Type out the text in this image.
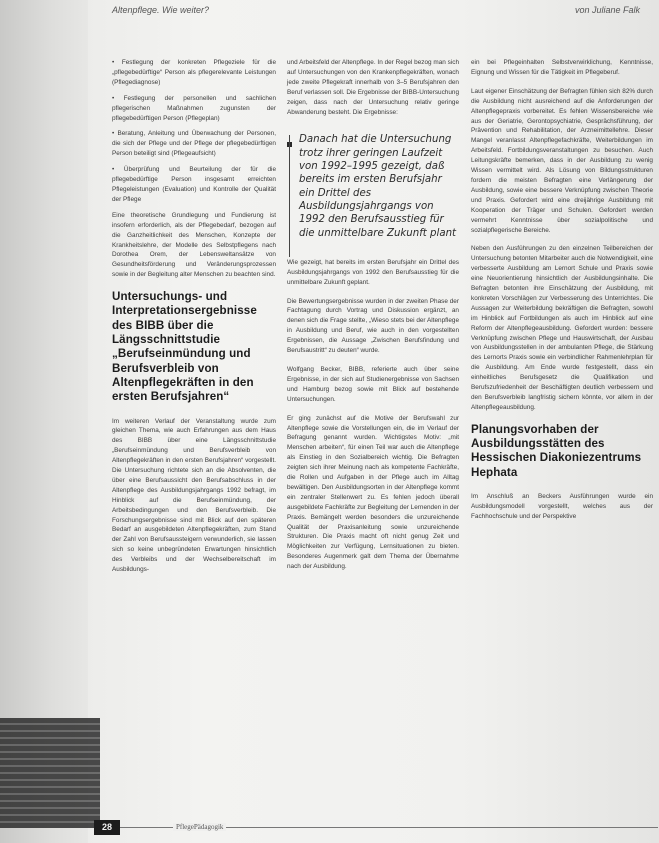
Altenpflege. Wie weiter?	von Juliane Falk

• Festlegung der konkreten Pflegeziele für die „pflegebedürftige“ Person als pflegerelevante Leistungen (Pflegediagnose)

• Festlegung der personellen und sachlichen pflegerischen Maßnahmen zugunsten der pflegebedürftigen Person (Pflegeplan)

• Beratung, Anleitung und Überwachung der Personen, die sich der Pflege und der Pflege der pflegebedürftigen Person beteiligt sind (Pflegeaufsicht)

• Überprüfung und Beurteilung der für die pflegebedürftige Person insgesamt erreichten Pflegeleistungen (Evaluation) und Kontrolle der Qualität der Pflege

Eine theoretische Grundlegung und Fundierung ist insofern erforderlich, als der Pflegebedarf, bezogen auf die Ganzheitlichkeit des Menschen, Konzepte der Krankheitslehre, der Modelle des Selbstpflegens nach Dorothea Orem, der Lebensweltansätze von Gesundheitsförderung und Veränderungsprozessen sowie in der Begleitung alter Menschen zu beachten sind.

Untersuchungs- und Interpretationsergebnisse des BIBB über die Längsschnittstudie „Berufseinmündung und Berufsverbleib von Altenpflegekräften in den ersten Berufsjahren“

Im weiteren Verlauf der Veranstaltung wurde zum gleichen Thema, wie auch Erfahrungen aus dem Haus des BIBB über eine Längsschnittstudie „Berufseinmündung und Berufsverbleib von Altenpflegekräften in den ersten Berufsjahren“ vorgestellt. Die Untersuchung richtete sich an die Absolventen, die über eine Berufsaussicht den Berufsabschluss in der Altenpflege des Ausbildungsjahrgangs 1992 befragt, im Hinblick auf die Berufseinmündung, der Arbeitsbedingungen und den Berufsverbleib. Die Forschungsergebnisse sind mit Blick auf den späteren Bedarf an ausgebildeten Altenpflegekräften, zum Stand der Zahl von Berufsaussteigern verwunderlich, sie lassen sich so keine unbegründeten Erwartungen hinsichtlich des Verbleibs und der Wechselbereitschaft im Ausbildungs-

und Arbeitsfeld der Altenpflege. In der Regel bezog man sich auf Untersuchungen von den Krankenpflegekräften, wonach jede zweite Pflegekraft innerhalb von 3–5 Berufsjahren den Beruf verlassen soll. Die Ergebnisse der BIBB-Untersuchung zeigen, dass nach der Untersuchung relativ geringe Abwanderung besteht. Die Ergebnisse:

Danach hat die Untersuchung trotz ihrer geringen Laufzeit von 1992–1995 gezeigt, daß bereits im ersten Berufsjahr ein Drittel des Ausbildungsjahrgangs von 1992 den Berufsausstieg für die unmittelbare Zukunft plant

Wie gezeigt, hat bereits im ersten Berufsjahr ein Drittel des Ausbildungsjahrgangs von 1992 den Berufsausstieg für die unmittelbare Zukunft geplant.

Die Bewertungsergebnisse wurden in der zweiten Phase der Fachtagung durch Vortrag und Diskussion ergänzt, an denen sich die Frage stellte, „Wieso stets bei der Altenpflege in Ausbildung und Beruf, wie auch in den vorgestellten Ergebnissen, die Aussage „Zwischen Berufsfindung und Berufsaustritt“ zu deuten“ wurde.

Wolfgang Becker, BIBB, referierte auch über seine Ergebnisse, in der sich auf Studienergebnisse von Sachsen und Hamburg bezog sowie mit Blick auf bestehende Untersuchungen.

Er ging zunächst auf die Motive der Berufswahl zur Altenpflege sowie die Vorstellungen ein, die im Verlauf der Befragung genannt wurden. Wichtigstes Motiv: „mit Menschen arbeiten“, für einen Teil war auch die Altenpflege als Einstieg in den Sozialbereich wichtig. Die Befragten zeigten sich ihrer Meinung nach als kompetente Fachkräfte, die Rollen und Aufgaben in der Pflege auch im Alltag bewältigen. Den Ausbildungsorten in der Altenpflege kommt ein zentraler Stellenwert zu. Es fehlen jedoch überall ausgebildete Fachkräfte zur Begleitung der Lernenden in der Praxis. Bemängelt werden besonders die unzureichende Qualität der Praxisanleitung sowie unzureichende Strukturen. Die Praxis macht oft nicht genug Zeit und Möglichkeiten zur Verfügung, Lernsituationen zu bieten. Besonderes Augenmerk galt dem Thema der Übernahme nach der Ausbildung.

ein bei Pflegeinhalten Selbstverwirklichung, Kenntnisse, Eignung und Wissen für die Tätigkeit im Pflegeberuf.

Laut eigener Einschätzung der Befragten fühlen sich 82% durch die Ausbildung nicht ausreichend auf die Anforderungen der Altenpflegepraxis vorbereitet. Es fehlen Wissensbereiche wie aus der Geriatrie, Gerontopsychiatrie, Gesprächsführung, der Prävention und Rehabilitation, der Arzneimittellehre. Dieser Mangel veranlasst Altenpflegefachkräfte, Weiterbildungen im Arbeitsfeld. Fortbildungsveranstaltungen zu besuchen. Auch Leitungskräfte bemerken, dass in der Ausbildung zu wenig Wissen vermittelt wird. Als Lösung von Bildungsstrukturen fordern die meisten Befragten eine Verlängerung der Ausbildung, sowie eine bessere Verknüpfung zwischen Theorie und Praxis. Gefordert wird eine dreijährige Ausbildung mit Kooperation der Träger und Schulen. Gefordert werden vermehrt Kenntnisse über sozialpolitische und sozialpflegerische Bereiche.

Neben den Ausführungen zu den einzelnen Teilbereichen der Untersuchung betonten Mitarbeiter auch die Notwendigkeit, eine verbesserte Ausbildung am Lernort Schule und Praxis sowie eine Neuorientierung hinsichtlich der Ausbildungsinhalte. Die Befragten betonten ihre Einschätzung der Ausbildung, mit konkreten Vorschlägen zur Verbesserung des Unterrichtes. Die Aussagen zur Weiterbildung bekräftigen die Befragten, sowohl im Hinblick auf Fortbildungen als auch im Hinblick auf eine Reform der Altenpflegeausbildung. Gefordert wurden: bessere Verknüpfung zwischen Pflege und Hauswirtschaft, der Ausbau von Ausbildungsstellen in der ambulanten Pflege, die Stärkung des Lernorts Praxis sowie ein verbindlicher Rahmenlehrplan für die Ausbildung. Am Ende wurde festgestellt, dass ein einheitliches Berufsgesetz die Qualifikation und Berufszufriedenheit der Beschäftigten deutlich verbessern und den Berufsverbleib langfristig sichern könnte, vor allem in der Altenpflegeausbildung.

Planungsvorhaben der Ausbildungsstätten des Hessischen Diakoniezentrums Hephata

Im Anschluß an Beckers Ausführungen wurde ein Ausbildungsmodell vorgestellt, welches aus der Fachhochschule und der Perspektive

28	PflegePädagogik
